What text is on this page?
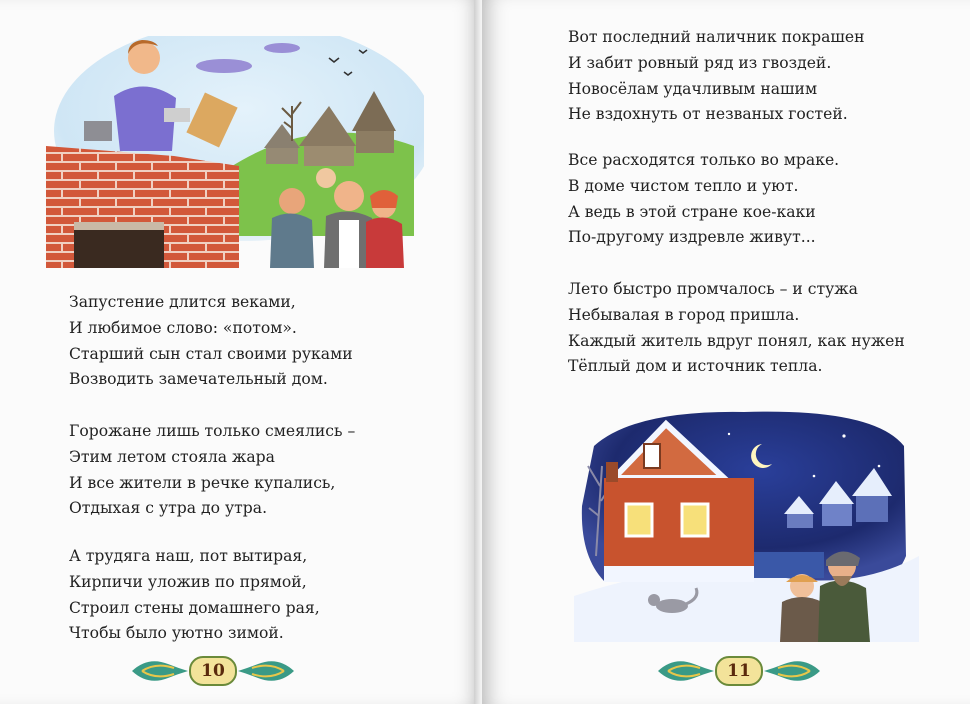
Запустение длится веками,
И любимое слово: «потом».
Старший сын стал своими руками
Возводить замечательный дом.
Горожане лишь только смеялись –
Этим летом стояла жара
И все жители в речке купались,
Отдыхая с утра до утра.
А трудяга наш, пот вытирая,
Кирпичи уложив по прямой,
Строил стены домашнего рая,
Чтобы было уютно зимой.
10
Вот последний наличник покрашен
И забит ровный ряд из гвоздей.
Новосёлам удачливым нашим
Не вздохнуть от незваных гостей.
Все расходятся только во мраке.
В доме чистом тепло и уют.
А ведь в этой стране кое-каки
По-другому издревле живут...
Лето быстро промчалось – и стужа
Небывалая в город пришла.
Каждый житель вдруг понял, как нужен
Тёплый дом и источник тепла.
11
